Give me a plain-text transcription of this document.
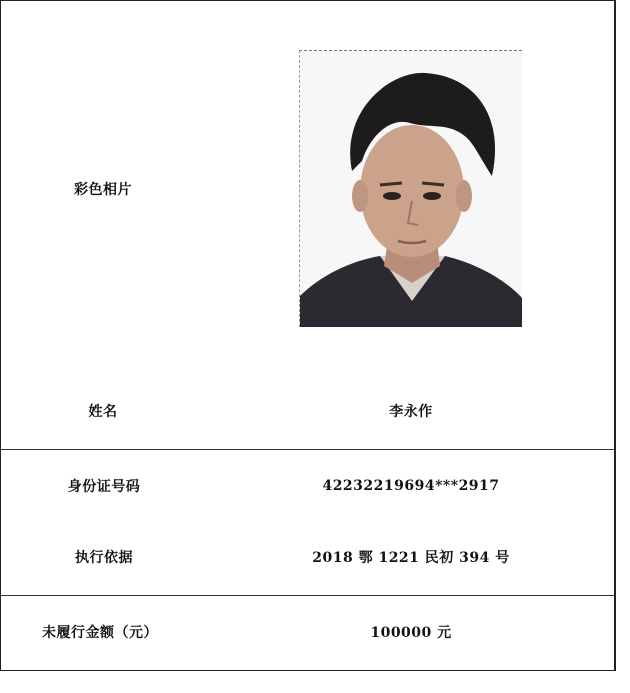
彩色相片
姓名	李永作
身份证号码	42232219694***2917
执行依据	2018 鄂 1221 民初 394 号
未履行金额（元）	100000 元
